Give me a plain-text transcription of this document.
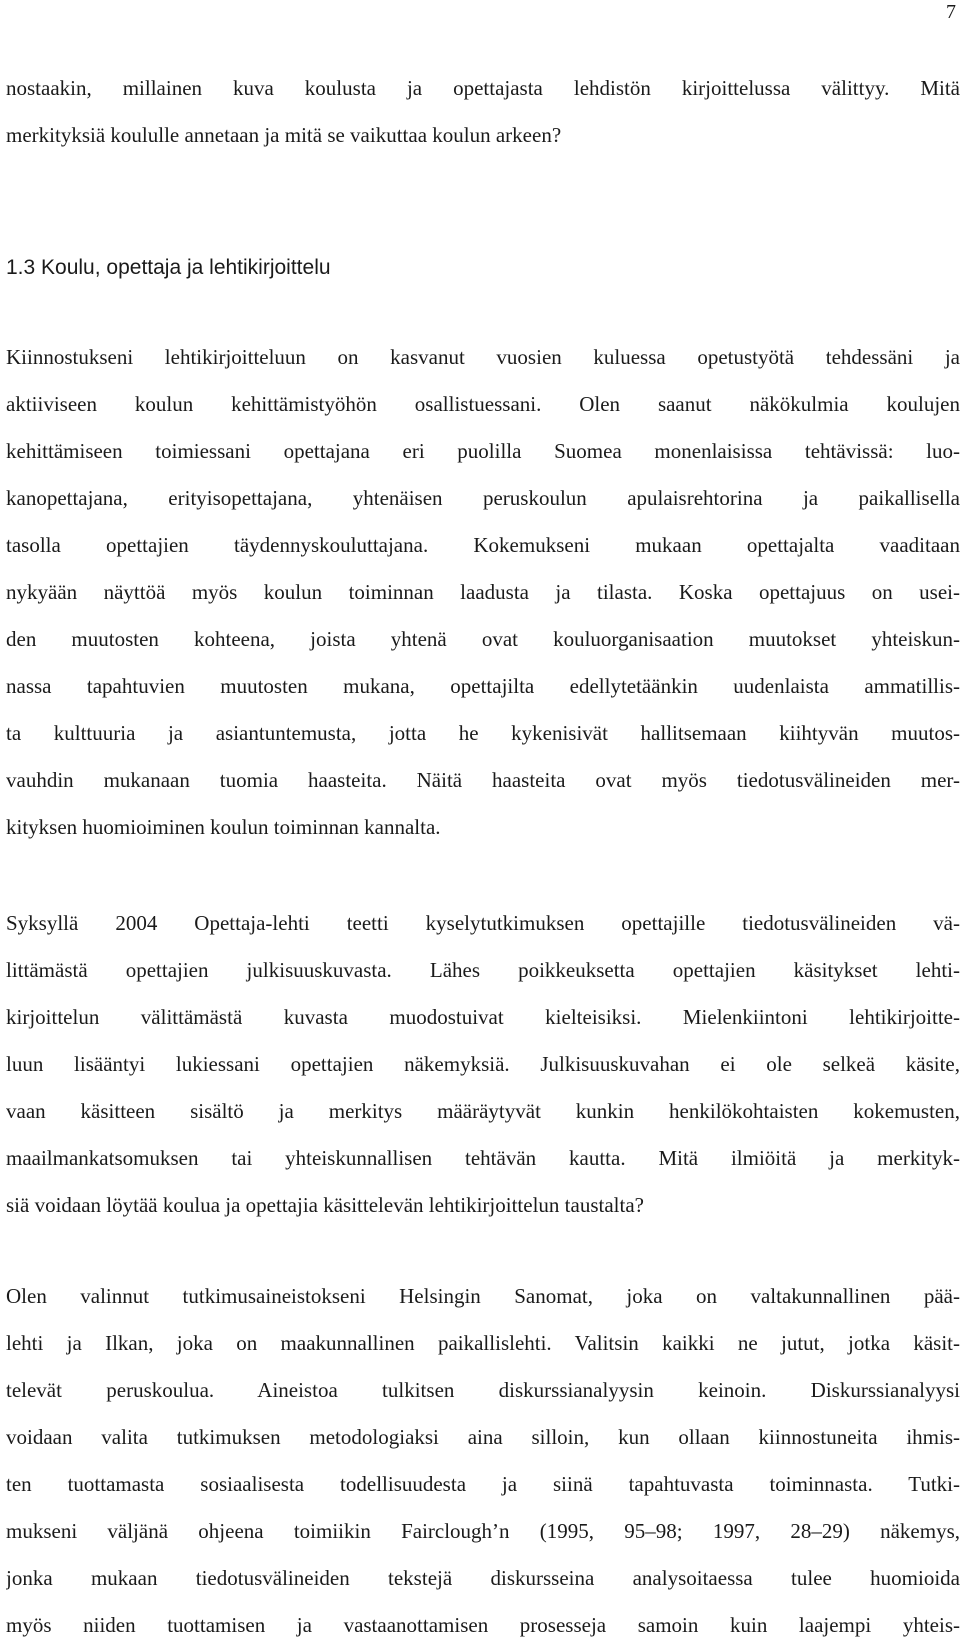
7
nostaakin, millainen kuva koulusta ja opettajasta lehdistön kirjoittelussa välittyy. Mitä
merkityksiä koululle annetaan ja mitä se vaikuttaa koulun arkeen?
1.3 Koulu, opettaja ja lehtikirjoittelu
Kiinnostukseni lehtikirjoitteluun on kasvanut vuosien kuluessa opetustyötä tehdessäni ja
aktiiviseen koulun kehittämistyöhön osallistuessani. Olen saanut näkökulmia koulujen
kehittämiseen toimiessani opettajana eri puolilla Suomea monenlaisissa tehtävissä: luo-
kanopettajana, erityisopettajana, yhtenäisen peruskoulun apulaisrehtorina ja paikallisella
tasolla opettajien täydennyskouluttajana. Kokemukseni mukaan opettajalta vaaditaan
nykyään näyttöä myös koulun toiminnan laadusta ja tilasta. Koska opettajuus on usei-
den muutosten kohteena, joista yhtenä ovat kouluorganisaation muutokset yhteiskun-
nassa tapahtuvien muutosten mukana, opettajilta edellytetäänkin uudenlaista ammatillis-
ta kulttuuria ja asiantuntemusta, jotta he kykenisivät hallitsemaan kiihtyvän muutos-
vauhdin mukanaan tuomia haasteita. Näitä haasteita ovat myös tiedotusvälineiden mer-
kityksen huomioiminen koulun toiminnan kannalta.
Syksyllä 2004 Opettaja-lehti teetti kyselytutkimuksen opettajille tiedotusvälineiden vä-
littämästä opettajien julkisuuskuvasta. Lähes poikkeuksetta opettajien käsitykset lehti-
kirjoittelun välittämästä kuvasta muodostuivat kielteisiksi. Mielenkiintoni lehtikirjoitte-
luun lisääntyi lukiessani opettajien näkemyksiä. Julkisuuskuvahan ei ole selkeä käsite,
vaan käsitteen sisältö ja merkitys määräytyvät kunkin henkilökohtaisten kokemusten,
maailmankatsomuksen tai yhteiskunnallisen tehtävän kautta. Mitä ilmiöitä ja merkityk-
siä voidaan löytää koulua ja opettajia käsittelevän lehtikirjoittelun taustalta?
Olen valinnut tutkimusaineistokseni Helsingin Sanomat, joka on valtakunnallinen pää-
lehti ja Ilkan, joka on maakunnallinen paikallislehti. Valitsin kaikki ne jutut, jotka käsit-
televät peruskoulua. Aineistoa tulkitsen diskurssianalyysin keinoin. Diskurssianalyysi
voidaan valita tutkimuksen metodologiaksi aina silloin, kun ollaan kiinnostuneita ihmis-
ten tuottamasta sosiaalisesta todellisuudesta ja siinä tapahtuvasta toiminnasta. Tutki-
mukseni väljänä ohjeena toimiikin Fairclough’n (1995, 95–98; 1997, 28–29) näkemys,
jonka mukaan tiedotusvälineiden tekstejä diskursseina analysoitaessa tulee huomioida
myös niiden tuottamisen ja vastaanottamisen prosesseja samoin kuin laajempi yhteis-
